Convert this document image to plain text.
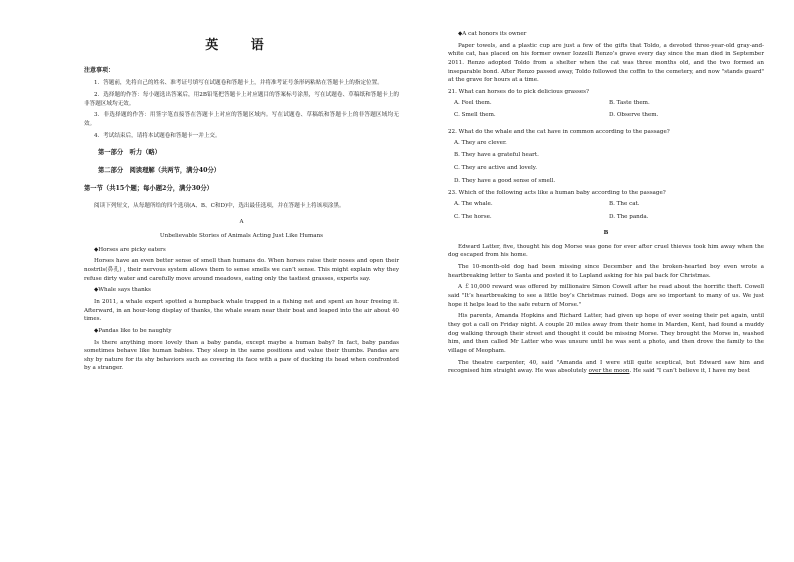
英 语
注意事项：
1．答题前，先将自己的姓名、准考证号填写在试题卷和答题卡上，并将准考证号条形码粘贴在答题卡上的指定位置。
2．选择题的作答：每小题选出答案后，用2B铅笔把答题卡上对应题目的答案标号涂黑，写在试题卷、草稿纸和答题卡上的非答题区域均无效。
3．非选择题的作答：用签字笔直接答在答题卡上对应的答题区域内。写在试题卷、草稿纸和答题卡上的非答题区域均无效。
4．考试结束后，请将本试题卷和答题卡一并上交。
第一部分　听力（略）
第二部分　阅读理解（共两节，满分40分）
第一节（共15个题；每小题2分，满分30分）
阅读下列短文，从每题所给的四个选项(A、B、C和D)中，选出最佳选项，并在答题卡上将该项涂黑。
A
Unbelievable Stories of Animals Acting Just Like Humans
◆Horses are picky eaters
Horses have an even better sense of smell than humans do. When horses raise their noses and open their nostrils(鼻孔) , their nervous system allows them to sense smells we can’t sense. This might explain why they refuse dirty water and carefully move around meadows, eating only the tastiest grasses, experts say.
◆Whale says thanks
In 2011, a whale expert spotted a humpback whale trapped in a fishing net and spent an hour freeing it. Afterward, in an hour-long display of thanks, the whale swam near their boat and leaped into the air about 40 times.
◆Pandas like to be naughty
Is there anything more lovely than a baby panda, except maybe a human baby? In fact, baby pandas sometimes behave like human babies. They sleep in the same positions and value their thumbs. Pandas are shy by nature for its shy behaviors such as covering its face with a paw of ducking its head when confronted by a stranger.
◆A cat honors its owner
Paper towels, and a plastic cup are just a few of the gifts that Toldo, a devoted three-year-old gray-and-white cat, has placed on his former owner Iozzelli Renzo’s grave every day since the man died in September 2011. Renzo adopted Toldo from a shelter when the cat was three months old, and the two formed an inseparable bond. After Renzo passed away, Toldo followed the coffin to the cemetery, and now "stands guard" at the grave for hours at a time.
21. What can horses do to pick delicious grasses?
A. Feel them.	B. Taste them.
C. Smell them.	D. Observe them.
22. What do the whale and the cat have in common according to the passage?
A. They are clever.
B. They have a grateful heart.
C. They are active and lovely.
D. They have a good sense of smell.
23. Which of the following acts like a human baby according to the passage?
A. The whale.	B. The cat.
C. The horse.	D. The panda.
B
Edward Latter, five, thought his dog Morse was gone for ever after cruel thieves took him away when the dog escaped from his home.
The 10-month-old dog had been missing since December and the broken-hearted boy even wrote a heartbreaking letter to Santa and posted it to Lapland asking for his pal back for Christmas.
A ￡10,000 reward was offered by millionaire Simon Cowell after he read about the horrific theft. Cowell said "It’s heartbreaking to see a little boy’s Christmas ruined. Dogs are so important to many of us. We just hope it helps lead to the safe return of Morse."
His parents, Amanda Hopkins and Richard Latter, had given up hope of ever seeing their pet again, until they got a call on Friday night. A couple 20 miles away from their home in Marden, Kent, had found a muddy dog walking through their street and thought it could be missing Morse. They brought the Morse in, washed him, and then called Mr Latter who was unsure until he was sent a photo, and then drove the family to the village of Meopham.
The theatre carpenter, 40, said "Amanda and I were still quite sceptical, but Edward saw him and recognised him straight away. He was absolutely over the moon. He said "I can’t believe it, I have my best
